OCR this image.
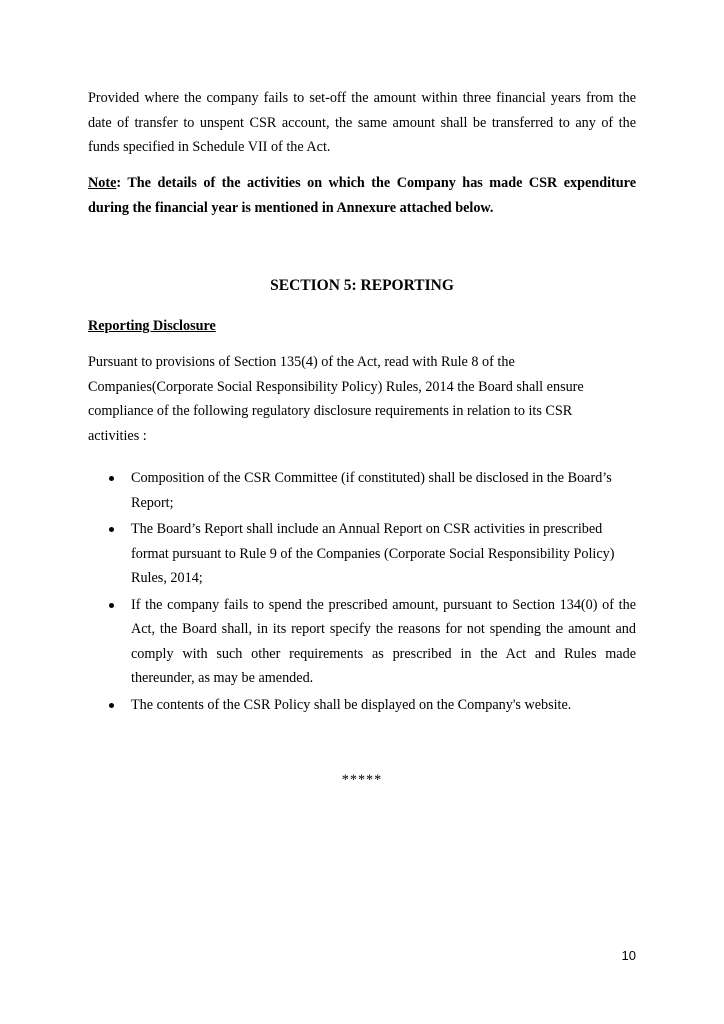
Provided where the company fails to set-off the amount within three financial years from the date of transfer to unspent CSR account, the same amount shall be transferred to any of the funds specified in Schedule VII of the Act.

Note: The details of the activities on which the Company has made CSR expenditure during the financial year is mentioned in Annexure attached below.

SECTION 5: REPORTING
Reporting Disclosure
Pursuant to provisions of Section 135(4) of the Act, read with Rule 8 of the
Companies(Corporate Social Responsibility Policy) Rules, 2014 the Board shall ensure
compliance of the following regulatory disclosure requirements in relation to its CSR
activities :
Composition of the CSR Committee (if constituted) shall be disclosed in the Board’s Report;
The Board’s Report shall include an Annual Report on CSR activities in prescribed format pursuant to Rule 9 of the Companies (Corporate Social Responsibility Policy) Rules, 2014;
If the company fails to spend the prescribed amount, pursuant to Section 134(0) of the Act, the Board shall, in its report specify the reasons for not spending the amount and comply with such other requirements as prescribed in the Act and Rules made thereunder, as may be amended.
The contents of the CSR Policy shall be displayed on the Company's website.

*****

10
